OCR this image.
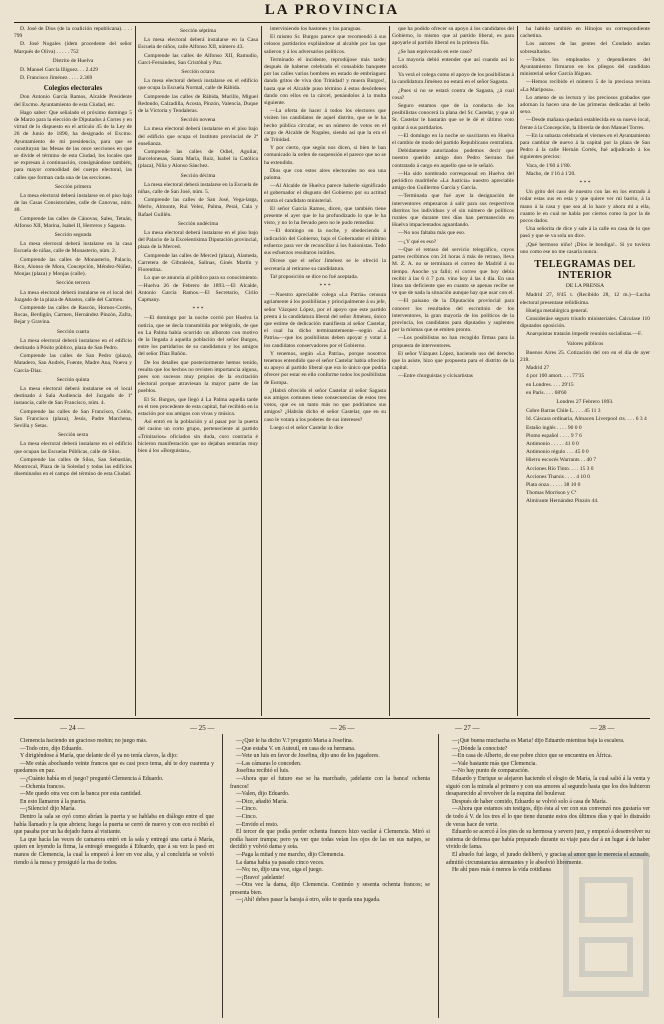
LA PROVINCIA

D. José de Dios (de la coalición republicana). . . . 799

D. José Nogales (ídem procedente del señor Marqués de Oliva) . . . . . 752

Distrito de Huelva

D. Manuel García Iñiguez. . . 2.429

D. Francisco Jiménez . . . . 2.369

Colegios electorales

Don Antonio García Ramos, Alcalde Presidente del Excmo. Ayuntamiento de esta Ciudad, etc.

Hago saber: Que señalado el próximo domingo 5 de Marzo para la elección de Diputados á Cortes y en virtud de lo dispuesto en el artículo 45 de la Ley de 26 de Junio de 1890, ha designado el Excmo. Ayuntamiento de mi presidencia, para que se constituyan las Mesas de las once secciones en que se divide el término de esta Ciudad, los locales que se expresan á continuación, consignándose también, para mayor comodidad del cuerpo electoral, las calles que forman cada una de las secciones.

Sección primera

La mesa electoral deberá instalarse en el piso bajo de las Casas Consistoriales, calle de Canovas, núm. 48.

Comprende las calles de Cánovas, Sales, Tetuán, Alfonso XII, Marina, Isabel II, Herreros y Sagasta.

Sección segunda

La mesa electoral deberá instalarse en la casa Escuela de niñas, calle de Monasterio, núm. 2.

Comprende las calles de Monasterio, Palacio, Rico, Alonso de Mora, Concepción, Méndez-Núñez, Monjas (plaza) y Monjas (calle).

Sección tercera

La mesa electoral deberá instalarse en el local del Juzgado de la plaza de Abastos, calle del Carmen.

Comprende las calles de Rascón, Hornos-Cortés, Rocas, Berdigón, Carmen, Hernández Pinzón, Zafra, Bejar y Gravina.

Sección cuarta

La mesa electoral deberá instalarse en el edificio destinado á Pósito público, plaza de San Pedro.

Comprende las calles de San Pedro (plaza), Matadero, San Andrés, Fuente, Madre Ana, Nueva y García-Díaz.

Sección quinta

La mesa electoral deberá instalarse en el local destinado á Sala Audiencia del Juzgado de 1ª instancia, calle de San Francisco, núm. 4.

Comprende las calles de San Francisco, Colón, San Francisco (plaza), Jesús, Padre Marchena, Sevilla y Setas.

Sección sexta

La mesa electoral deberá instalarse en el edificio que ocupan las Escuelas Públicas, calle de Silos.

Comprende las calles de Silos, San Sebastián, Montrocal, Plaza de la Soledad y todas las edificios diseminados en el campo del término de esta Ciudad.

Sección séptima

La mesa electoral deberá instalarse en la Casa Escuela de niños, calle Alfonso XII, número 43.

Comprende las calles de Alfonso XII, Ramudio, Garci-Fernández, San Cristóbal y Paz.

Sección octava

La mesa electoral deberá instalarse en el edificio que ocupa la Escuela Normal, calle de Rábida.

Comprende las calles de Rábida, Murillo, Miguel Redondo, Calzadilla, Acosta, Pinzón, Valencia, Duque de la Victoria y Tendaleras.

Sección novena

La mesa electoral deberá instalarse en el piso bajo del edificio que ocupa el Instituto provincial de 2ª enseñanza.

Comprende las calles de Odiel, Aguilar, Barcelonesas, Santa María, Ruiz, Isabel la Católica (plaza), Niña y Alonso Sánchez.

Sección décima

La mesa electoral deberá instalarse en la Escuela de niñas, calle de San José, núm. 5.

Comprende las calles de San José, Vega-larga, Merlo, Almonte, Rui Velez, Palma, Peral, Cala y Rafael Guillén.

Sección undécima

La mesa electoral deberá instalarse en el piso bajo del Palacio de la Excelentísima Diputación provincial, plaza de la Merced.

Comprende las calles de Merced (plaza), Alameda, Carretera de Gibraleón, Salinas, Ginés Martín y Florentina.

Lo que se anuncia al público para su conocimiento.—Huelva 26 de Febrero de 1893.—El Alcalde, Antonio García Ramos.—El Secretario, Cirilo Capmany.

* * *

—El domingo por la noche corrió por Huelva la noticia, que se decía transmitida por telégrafo, de que en La Palma había ocurrido un alboroto con motivo de la llegada á aquella población del señor Burgos, entre los partidarios de su candidatura y los amigos del señor Díaz Bañón.

De los detalles que posteriormente hemos tenido, resulta que los hechos no revisten importancia alguna, pues son sucesos muy propios de la excitación electoral porque atraviesan la mayor parte de las pueblos.

El Sr. Burgos, que llegó á La Palma aquella tarde en el tren procedente de esta capital, fué recibido en la estación por sus amigos con vivas y música.

Así entró en la población y al pasar por la puerta del casino un corto grupo, perteneciente al partido «Trinitarios» oficiados sin duda, coro contraria é hicieron manifestación que no dejaban sentarías muy bien á los «Borguistas»,

interviniendo los bastones y los paraguas.

El mismo Sr. Burgos parece que recomendó á sus celosos partidarios expliándose al alcalde por las que salieron y á los adversarios políticos.

Terminado el incidente, reprodújose más tarde; después de haberse celebrado el consabido banquete por las calles varios hombres en estado de embriaguez dando gritos de viva don Trinidad! y muera Burgos!, hasta que el Alcalde puso término á estos desórdenes dando con ellos en la cárcel, penándolos á la multa siguiente.

—La oferta de hacer á todos los electores que visiten los candidatos de aquel distrito, que se le ha hecho pública circular, es un número de votos en el cargo de Alcalde de Nogales, siendo así que la era el de Trinidad.

Y por cierto, que según nos dicen, si bien le han comunicado la orden de suspensión el parece que no se ha extendido.

Dios que con estos aires electorales no sea una paloma.

—Al Alcalde de Huelva parece haberle significado el gobernador el disgusto del Gobierno por su actitud contra el candidato ministerial.

El señor García Ramos, dicen, que también tiene presente el ayer que le ha profundizado lo que le ha visto, y no lo ha llevado pero no le pudo remediar.

—El domingo en la noche, y obedeciendo á indicación del Gobierno, bajo el Gobernador el último esfuerzo para ver de reconciliar á los fusionistas. Todo sus esfuerzos resultaron inútiles.

Dícese que el señor Jiménez se le ofreció la secretaría al retirarse su candidatura.

Tal proposición se dice no fué aceptada.

* * *

—Nuestro apreciable colega «La Patria» censura agriamente á los posibilistas y principalmente á su jefe, señor Vázquez López, por el apoyo que este partido presta á la candidatura liberal del señor Jiménez, único que estime de dedicación manifiesta al señor Castelar, el cual ha dicho terminantemente—según «La Patria»—que los posibilistas deben apoyar y votar á los candidatos conservadores por el Gobierno.

Y tenemos, según «La Patria», porque nosotros tenemos entendido que el señor Castelar había ofrecido su apoyo al partido liberal que era lo único que podría ofrecer por estar en ello conforme todos los posibilistas de Europa.

¿Habrá ofrecido el señor Castelar al señor Sagasta sus amigos comunes tiene consecuencias de estos tres votos, que es un tanto más no que podríamos sus amigos? ¿Habrán dicho el señor Castelar, que en su caso le votara a los poderes de sus intereses?

Luego si el señor Castelar lo dice

que ha podido ofrecer su apoyo á los candidatos del Gobierno, lo mismo que al partido liberal, es para apoyarle al partido liberal en la primera fila.

¿Se han equivocado en este caso?

La mayoría debió entender que así cuando así lo acordó.

Ya verá el colega como el apoyo de los posibilistas á la candidatura Jiménez no estará en el señor Sagasta.

¿Pues si no se estará contra de Sagasta, ¿á cual cosa?

Seguro estamos que de la conducta de los posibilistas conocerá la plana del Sr. Castelar, y que al Sr. Castelar le bastarán que se le dé el último voto quitar á sus partidarios.

—El domingo en la noche se suscitaron en Huelva el cambio de modo del partido Republicano centralista.

Debidamente autorizados podemos decir que nuestro querido amigo don Pedro Serrano fué contratado á cargo en aquello que se le señaló.

—Ha sido nombrado corresponsal en Huelva del periódico madrileño «La Justicia» nuestro apreciable amigo don Guillermo García y García.

—Terminada que fué ayer la designación de interventores empezaron á salir para sus respectivos distritos los individuos y el sin número de políticos rurales que durante tres días han permanecido en Huelva impacientados aguardando.

—No nos faltaba más que eso.

—¿Y qué es eso?

—Que el retraso del servicio telegráfico, cuyos partes recibimos con 24 horas á más de retraso, lleva M. Z. A. no se terminara el correo de Madrid á su tiempo. Anoche ya falló; el correo que hoy debía recibir á las 6 ó 7 p.m. vino hoy á las 4 dia. En una línea tan deficiente que en cuanto se apenas recibe se ve que de nada la situación aunque hay que usar con el.

—El paisano de la Diputación provincial para conocer los resultados del escrutinio de los interventores, la gran mayoría de los políticos de la provincia, los candidatos para diputados y suplentes por la mismas que se emiten pronto.

—Los posibilistas no han recogido firmas para la propuesta de interventores.

El señor Vázquez López, haciendo uso del derecho que la asiste, hizo que propuesta para el distrito de la capital.

—Entre churguistas y cicisartistas

ha habido también en Hinojos su correspondiente cachetina.

Los autores de las gentes del Condado andan sobresaltados.

—Todos los empleados y dependientes del Ayuntamiento firmaron en los pliegos del candidato ministerial señor García Iñiguez.

—Hemos recibido el número 5 de la preciosa revista «La Mariposa».

Lo ameno de su lectura y los preciosos grabados que adornan la hacen una de las primeras dedicadas al bello sexo.

—Desde mañana quedará establecida en su nuevo local, frente á la Concepción, la librería de don Manuel Torres.

—En la subasta celebrada el viernes en el Ayuntamiento para cambiar de nuevo á la capital por la plaza de San Pedro á la calle Hernán Cortés, fué adjudicado á los siguientes precios:

Vaca, de 1'60 á 1'80.

Macho, de 1'16 á 1'20.

* * *

Un grito del caso de nuestro con las en los entrado á rodar estas sus en esta y que quiere ver mi barrio, á la mano á la casa y que sea al lo hace y ahora mi a ella, cuanto le en cual ne había por ciertos como la por la de pocos dados.

Una señorita de dice y sale á la calle en casa de lo que pasó y que se va sola un dice.

¡Qué hermoso niño! ¡Dios le bendiga!.. Si yo tuviera uno como ese no me casaría nunca.

TELEGRAMAS DEL INTERIOR

DE LA PRENSA

Madrid 27, 8'45 t. (Recibido 28, 12 m.)—Lucha electoral presentase reñidísima.

Huelga metalúrgica general.

Consideráse seguro triunfo ministeriales. Calculase 110 diputados oposición.

Anarquistas tratarán impedir reunión socialistas.—F.

Valores públicos

Buenos Aires 25. Cotización del oro en el día de ayer 218.

Madrid 27

4 por 100 amort. . . . 77'35

en Londres. . . . 29'15

en París. . . . 68'60

Londres 27 Febrero 1893.

Cobre Barras Chile L. . . . 45 11 3

Id. Cáscara ordinaria, Almacen Liverpool cts. . . . 6 3 4

Estaño inglés . . . . 90 0 0

Plomo español . . . . 9 7 6

Antimonio . . . . . 41 0 0

Antimonio régulo . . . 45 0 0

Hierro escocés Warrants . . 40 7

Acciones Río Tinto. . . . 15 3 0

Acciones Tharsis . . . . 4 10 0

Plata onza . . . . . 38 10 0

Thomas Morrison y Cª

Almirante Hernández Pinzón 44.

— 24 —	— 25 —	— 26 —	— 27 —	— 28 —

Clemencia haciendo un gracioso mohín; no juego más.

—Todo otro, dijo Eduardo.

Y dirigiéndose á María, que delante de él ya no tenía clavos, la dijo:

—Me estás abochando veinte francos que es casi poco tema, ahí te doy cuarenta y quedamos en paz.

—¿Cuánto había en el juego? preguntó Clemencia á Eduardo.

—Ochenta francos.

—Me quedo otra vez con la banca por esta cantidad.

En esto llamaron á la puerta.

—¡Silencio! dijo María.

Dentro la sala se oyó como abrían la puerta y se hablaba en diálogo entre el que había llamado y la que abriera; luego la puerta se cerró de nuevo y con eco recibió el que pasaba por un ha dejado fuera al visitante.

La que hacía las veces de camarera entró en la sala y entregó una carta á María, quien en leyendo la firma, la entregó enseguida á Eduardo, que á su vez la pasó en manos de Clemencia, la cual la empezó á leer en voz alta, y al concluirla se volvió riendo á la mesa y prosiguió la risa de todos.

—¿Qué le ha dicho V.? preguntó María á Josefina.

—Que estaba V. en Auteuil, en casa de su hermana.

—Vete un luis en favor de Josefina, dijo uno de los jugadores.

—Las cámaras lo conceden.

Josefina recibió el luis.

—Ahora que el futuro ese se ha marchado, ¡adelante con la banca! ochenta francos!

—Valen, dijo Eduardo.

—Dice, añadió María.

—Cinco.

—Cinco.

—Envido el resto.

El tercer de que podía perder ochenta francos hizo vacilar á Clemencia. Miró si podía hacer trampa; pero ya ver que todas veían los ojos de las en sus naipes, se decidió y volvió dama y sota.

—Paga la mitad y me marcho, dijo Clemencia.

La dama había ya pasado cinco veces.

—No; no, dijo una voz, siga el juego.

—¡Bravo! ¡adelante!

—Otra vez la dama, dijo Clemencia. Continúo y sesenta ochenta francos; se presenta bien.

—¡Ahí! debes pasar la baraja á otro, sólo te queda una jugada.

—¡Qué buena muchacha es María! dijo Eduardo mientras baja la escalera.

—¿Dónde la conociste?

—En casa de Alberto, de ese pobre chico que se encuentra en África.

—Vale bastante más que Clemencia.

—No hay punto de comparación.

Eduardo y Enrique se alejaron haciendo el elogio de María, la cual salió á la venta y siguió con la mirada al primero y con sus amores al segundo hasta que los dos hubieron desaparecido al revolver de la esquina del boulevar.

Después de haber comido, Eduardo se volvió solo á casa de María.

—Ahora que estamos sin testigos, dijo ésta al ver con sus convenzó nos gustaría ver de todo á V. de los tres el lo que tiene durante estos dos últimos días y qué lo distraído de veras hace de verte.

Eduardo se acercó á los pies de su hermosa y severo juez, y empezó á desenvolver su sistema de defensa que había preparado durante su viaje para dar á un lugar á de haber vivido de fama.

El abuelo fué largo, el jurado deliberó, y gracias al amor que le merecía el acusado, admitió circunstancias atenuantes y le absolvió libremente.

He ahí pues más ó menos la vida cotidiana
